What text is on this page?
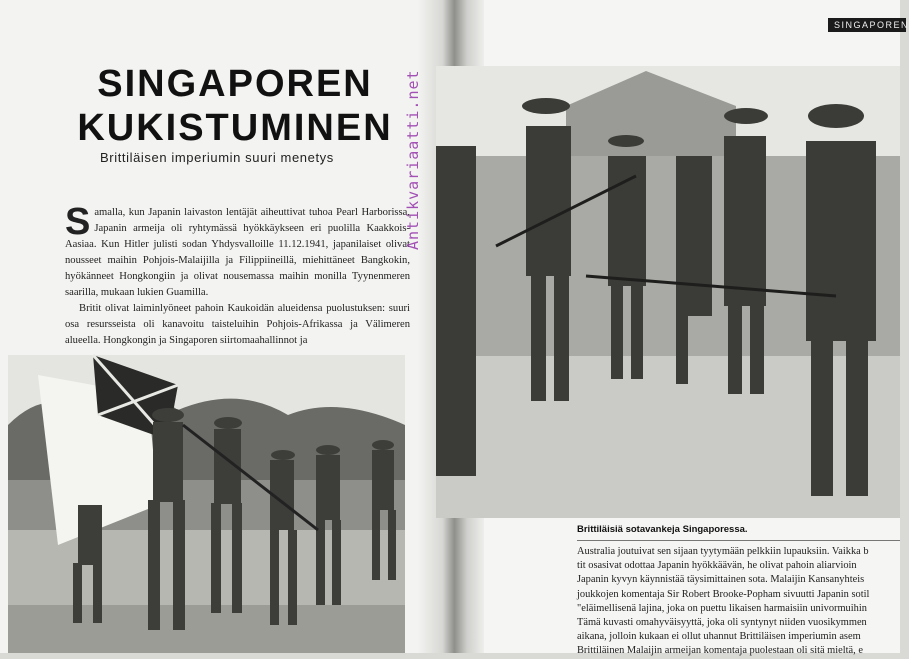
SINGAPOREN
KUKISTUMINEN
Brittiläisen imperiumin suuri menetys

Samalla, kun Japanin laivaston lentäjät aiheuttivat tuhoa Pearl Harborissa, Japanin armeija oli ryhtymässä hyökkäykseen eri puolilla Kaakkois-Aasiaa. Kun Hitler julisti sodan Yhdysvalloille 11.12.1941, japanilaiset olivat nousseet maihin Pohjois-Malaijilla ja Filippiineillä, miehittäneet Bangkokin, hyökänneet Hongkongiin ja olivat nousemassa maihin monilla Tyynenmeren saarilla, mukaan lukien Guamilla.

Britit olivat laiminlyöneet pahoin Kaukoidän alueidensa puolustuksen: suuri osa resursseista oli kanavoitu taisteluihin Pohjois-Afrikassa ja Välimeren alueella. Hongkongin ja Singaporen siirtomaahallinnot ja

SINGAPOREN
Brittiläisiä sotavankeja Singaporessa.
Australia joutuivat sen sijaan tyytymään pelkkiin lupauksiin. Vaikka b
tit osasivat odottaa Japanin hyökkäävän, he olivat pahoin aliarvioin
Japanin kyvyn käynnistää täysimittainen sota. Malaijin Kansanyhteis
joukkojen komentaja Sir Robert Brooke-Popham sivuutti Japanin sotil
"eläimellisenä lajina, joka on puettu likaisen harmaisiin univormuihin
Tämä kuvasti omahyväisyyttä, joka oli syntynyt niiden vuosikymmen
aikana, jolloin kukaan ei ollut uhannut Brittiläisen imperiumin asem
Brittiläinen Malaijin armeijan komentaja puolestaan oli sitä mieltä, e
Antikvariaatti.net
